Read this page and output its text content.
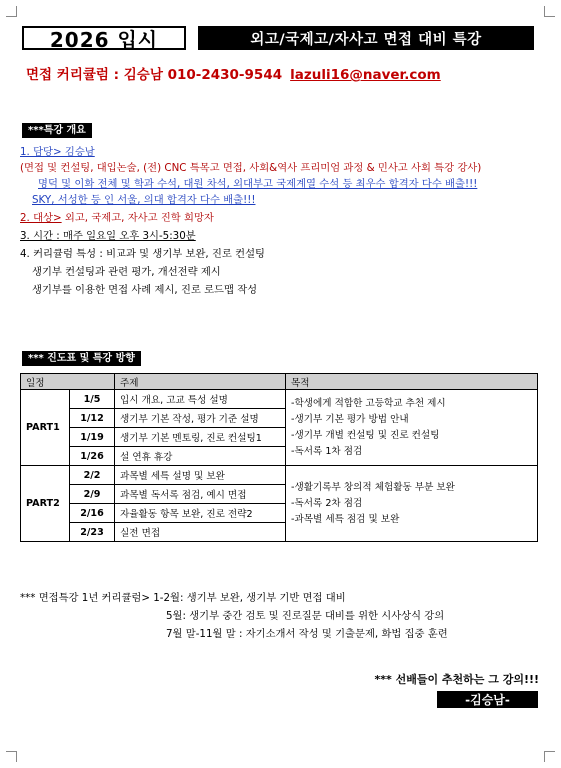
2026 입시	외고/국제고/자사고 면접 대비 특강
면접 커리큘럼 : 김승남 010-2430-9544 lazuli16@naver.com
***특강 개요
1. 담당> 김승남
(면접 및 컨설팅, 대입논술, (전) CNC 특목고 면접, 사회&역사 프리미엄 과정 & 민사고 사회 특강 강사)
명덕 및 이화 전체 및 학과 수석, 대원 차석, 외대부고 국제계열 수석 등 최우수 합격자 다수 배출!!!
SKY, 서성한 등 인 서울, 의대 합격자 다수 배출!!!
2. 대상> 외고, 국제고, 자사고 진학 희망자
3. 시간 : 매주 일요일 오후 3시-5:30분
4. 커리큘럼 특성 : 비교과 및 생기부 보완, 진로 컨설팅
생기부 컨설팅과 관련 평가, 개선전략 제시
생기부를 이용한 면접 사례 제시, 진로 로드맵 작성
*** 진도표 및 특강 방향
일정		주제	목적
PART1	1/5	입시 개요, 고교 특성 설명	-학생에게 적합한 고등학교 추천 제시
-생기부 기본 평가 방법 안내
-생기부 개별 컨설팅 및 진로 컨설팅
-독서록 1차 점검

	1/12	생기부 기본 작성, 평가 기준 설명	
	1/19	생기부 기본 멘토링, 진로 컨설팅1	
	1/26	설 연휴 휴강	
PART2	2/2	과목별 세특 설명 및 보완	-생활기록부 창의적 체험활동 부분 보완
-독서록 2차 점검
-과목별 세특 점검 및 보완

	2/9	과목별 독서록 점검, 예시 면접	
	2/16	자율활동 항목 보완, 진로 전략2	
	2/23	실전 면접	
*** 면접특강 1년 커리큘럼> 1-2월: 생기부 보완, 생기부 기반 면접 대비
5월: 생기부 중간 검토 및 진로질문 대비를 위한 시사상식 강의
7월 말-11월 말 : 자기소개서 작성 및 기출문제, 화법 집중 훈련
*** 선배들이 추천하는 그 강의!!!
-김승남-
